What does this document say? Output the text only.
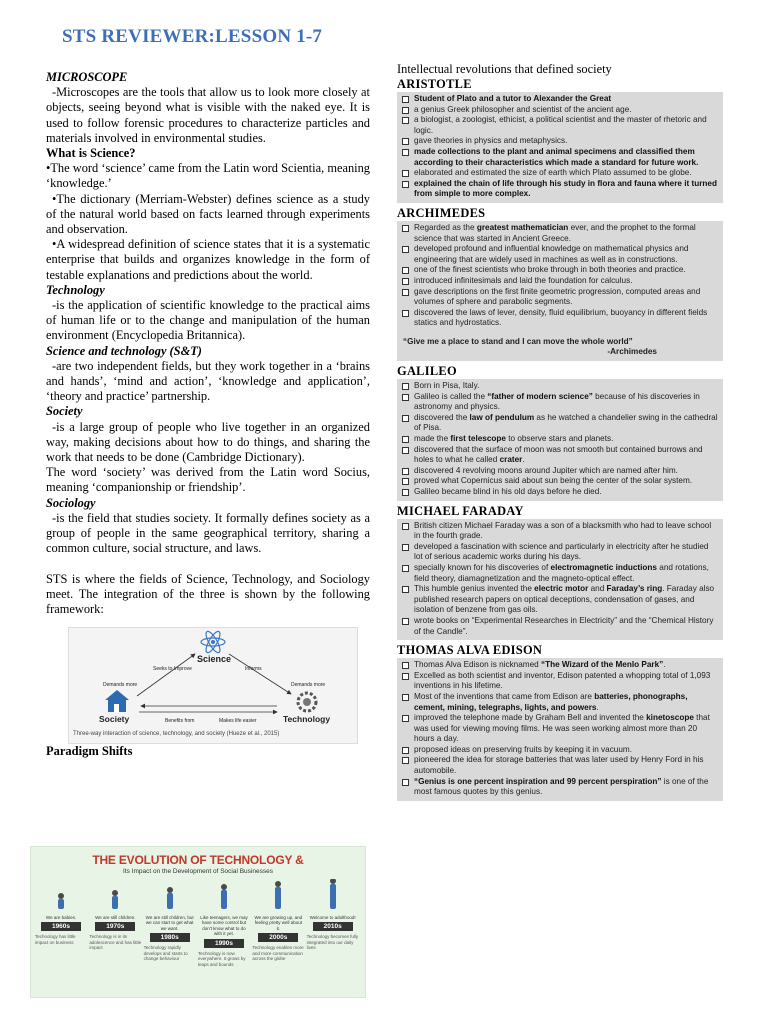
STS REVIEWER:LESSON 1-7

MICROSCOPE

-Microscopes are the tools that allow us to look more closely at objects, seeing beyond what is visible with the naked eye. It is used to follow forensic procedures to characterize particles and materials involved in environmental studies.

What is Science?

•The word ‘science’ came from the Latin word Scientia, meaning ‘knowledge.’

•The dictionary (Merriam-Webster) defines science as a study of the natural world based on facts learned through experiments and observation.

•A widespread definition of science states that it is a systematic enterprise that builds and organizes knowledge in the form of testable explanations and predictions about the world.

Technology

-is the application of scientific knowledge to the practical aims of human life or to the change and manipulation of the human environment (Encyclopedia Britannica).

Science and technology (S&T)

-are two independent fields, but they work together in a ‘brains and hands’, ‘mind and action’, ‘knowledge and application’, ‘theory and practice’ partnership.

Society

-is a large group of people who live together in an organized way, making decisions about how to do things, and sharing the work that needs to be done (Cambridge Dictionary).

The word ‘society’ was derived from the Latin word Socius, meaning ‘companionship or friendship’.

Sociology

-is the field that studies society. It formally defines society as a group of people in the same geographical territory, sharing a common culture, social structure, and laws.

STS is where the fields of Science, Technology, and Sociology meet. The integration of the three is shown by the following framework:

Science
Society	Technology
Seeks to Improve	Informs
Demands more	Demands more
Benefits from	Makes life easier
Three-way interaction of science, technology, and society (Hueze et al., 2015)

Paradigm Shifts

THE EVOLUTION OF TECHNOLOGY &
Its Impact on the Development of Social Businesses
We are babies.
1960s
Technology has little impact on business
We are still children.
1970s
Technology is in its adolescence and has little impact
We are still children, but we can start to get what we want.
1980s
Technology rapidly develops and starts to change behaviour
Like teenagers, we may have some control but don't know what to do with it yet.
1990s
Technology is now everywhere. It grows by leaps and bounds
We are growing up, and feeling pretty well about it.
2000s
Technology enables more and more communication across the globe
Welcome to adulthood!
2010s
Technology becomes fully integrated into our daily lives

Intellectual revolutions that defined society

ARISTOTLE

Student of Plato and a tutor to Alexander the Great
a genius Greek philosopher and scientist of the ancient age.
a biologist, a zoologist, ethicist, a political scientist and the master of rhetoric and logic.
gave theories in physics and metaphysics.
made collections to the plant and animal specimens and classified them according to their characteristics which made a standard for future work.
elaborated and estimated the size of earth which Plato assumed to be globe.
explained the chain of life through his study in flora and fauna where it turned from simple to more complex.

ARCHIMEDES

Regarded as the greatest mathematician ever, and the prophet to the formal science that was started in Ancient Greece.
developed profound and influential knowledge on mathematical physics and engineering that are widely used in machines as well as in constructions.
one of the finest scientists who broke through in both theories and practice.
introduced infinitesimals and laid the foundation for calculus.
gave descriptions on the first finite geometric progression, computed areas and volumes of sphere and parabolic segments.
discovered the laws of lever, density, fluid equilibrium, buoyancy in different fields statics and hydrostatics.
“Give me a place to stand and I can move the whole world”
-Archimedes

GALILEO

Born in Pisa, Italy.
Galileo is called the “father of modern science” because of his discoveries in astronomy and physics.
discovered the law of pendulum as he watched a chandelier swing in the cathedral of Pisa.
made the first telescope to observe stars and planets.
discovered that the surface of moon was not smooth but contained burrows and holes to what he called crater.
discovered 4 revolving moons around Jupiter which are named after him.
proved what Copernicus said about sun being the center of the solar system.
Galileo became blind in his old days before he died.

MICHAEL FARADAY

British citizen Michael Faraday was a son of a blacksmith who had to leave school in the fourth grade.
developed a fascination with science and particularly in electricity after he studied lot of serious academic works during his days.
specially known for his discoveries of electromagnetic inductions and rotations, field theory, diamagnetization and the magneto-optical effect.
This humble genius invented the electric motor and Faraday’s ring. Faraday also published research papers on optical deceptions, condensation of gases, and isolation of benzene from gas oils.
wrote books on “Experimental Researches in Electricity” and the “Chemical History of the Candle”.

THOMAS ALVA EDISON

Thomas Alva Edison is nicknamed “The Wizard of the Menlo Park”.
Excelled as both scientist and inventor, Edison patented a whopping total of 1,093 inventions in his lifetime.
Most of the inventions that came from Edison are batteries, phonographs, cement, mining, telegraphs, lights, and powers.
improved the telephone made by Graham Bell and invented the kinetoscope that was used for viewing moving films. He was seen working almost more than 20 hours a day.
proposed ideas on preserving fruits by keeping it in vacuum.
pioneered the idea for storage batteries that was later used by Henry Ford in his automobile.
“Genius is one percent inspiration and 99 percent perspiration” is one of the most famous quotes by this genius.
